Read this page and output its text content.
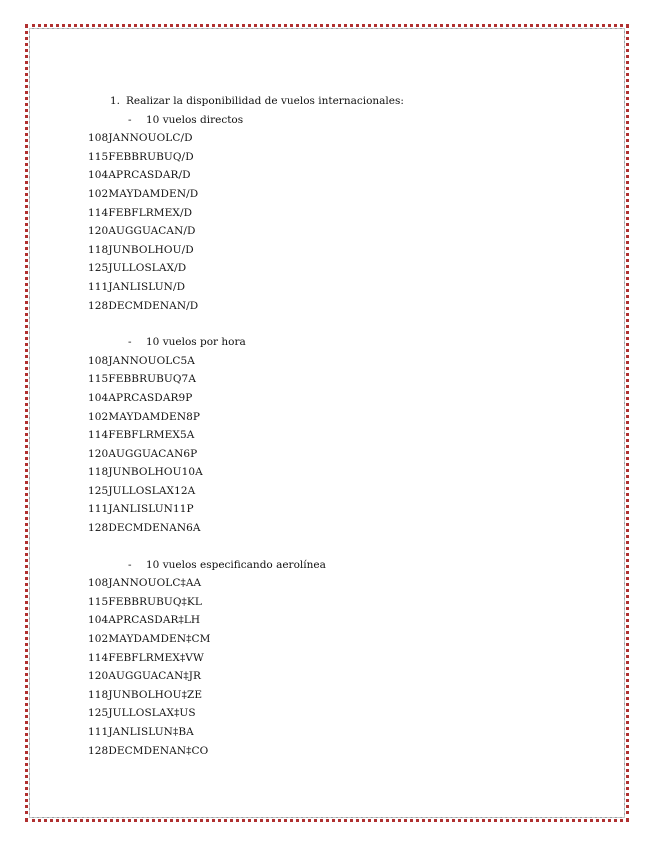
1. Realizar la disponibilidad de vuelos internacionales:
- 10 vuelos directos
108JANNOUOLC/D
115FEBBRUBUQ/D
104APRCASDAR/D
102MAYDAMDEN/D
114FEBFLRMEX/D
120AUGGUACAN/D
118JUNBOLHOU/D
125JULLOSLAX/D
111JANLISLUN/D
128DECMDENAN/D
- 10 vuelos por hora
108JANNOUOLC5A
115FEBBRUBUQ7A
104APRCASDAR9P
102MAYDAMDEN8P
114FEBFLRMEX5A
120AUGGUACAN6P
118JUNBOLHOU10A
125JULLOSLAX12A
111JANLISLUN11P
128DECMDENAN6A
- 10 vuelos especificando aerolínea
108JANNOUOLC‡AA
115FEBBRUBUQ‡KL
104APRCASDAR‡LH
102MAYDAMDEN‡CM
114FEBFLRMEX‡VW
120AUGGUACAN‡JR
118JUNBOLHOU‡ZE
125JULLOSLAX‡US
111JANLISLUN‡BA
128DECMDENAN‡CO
